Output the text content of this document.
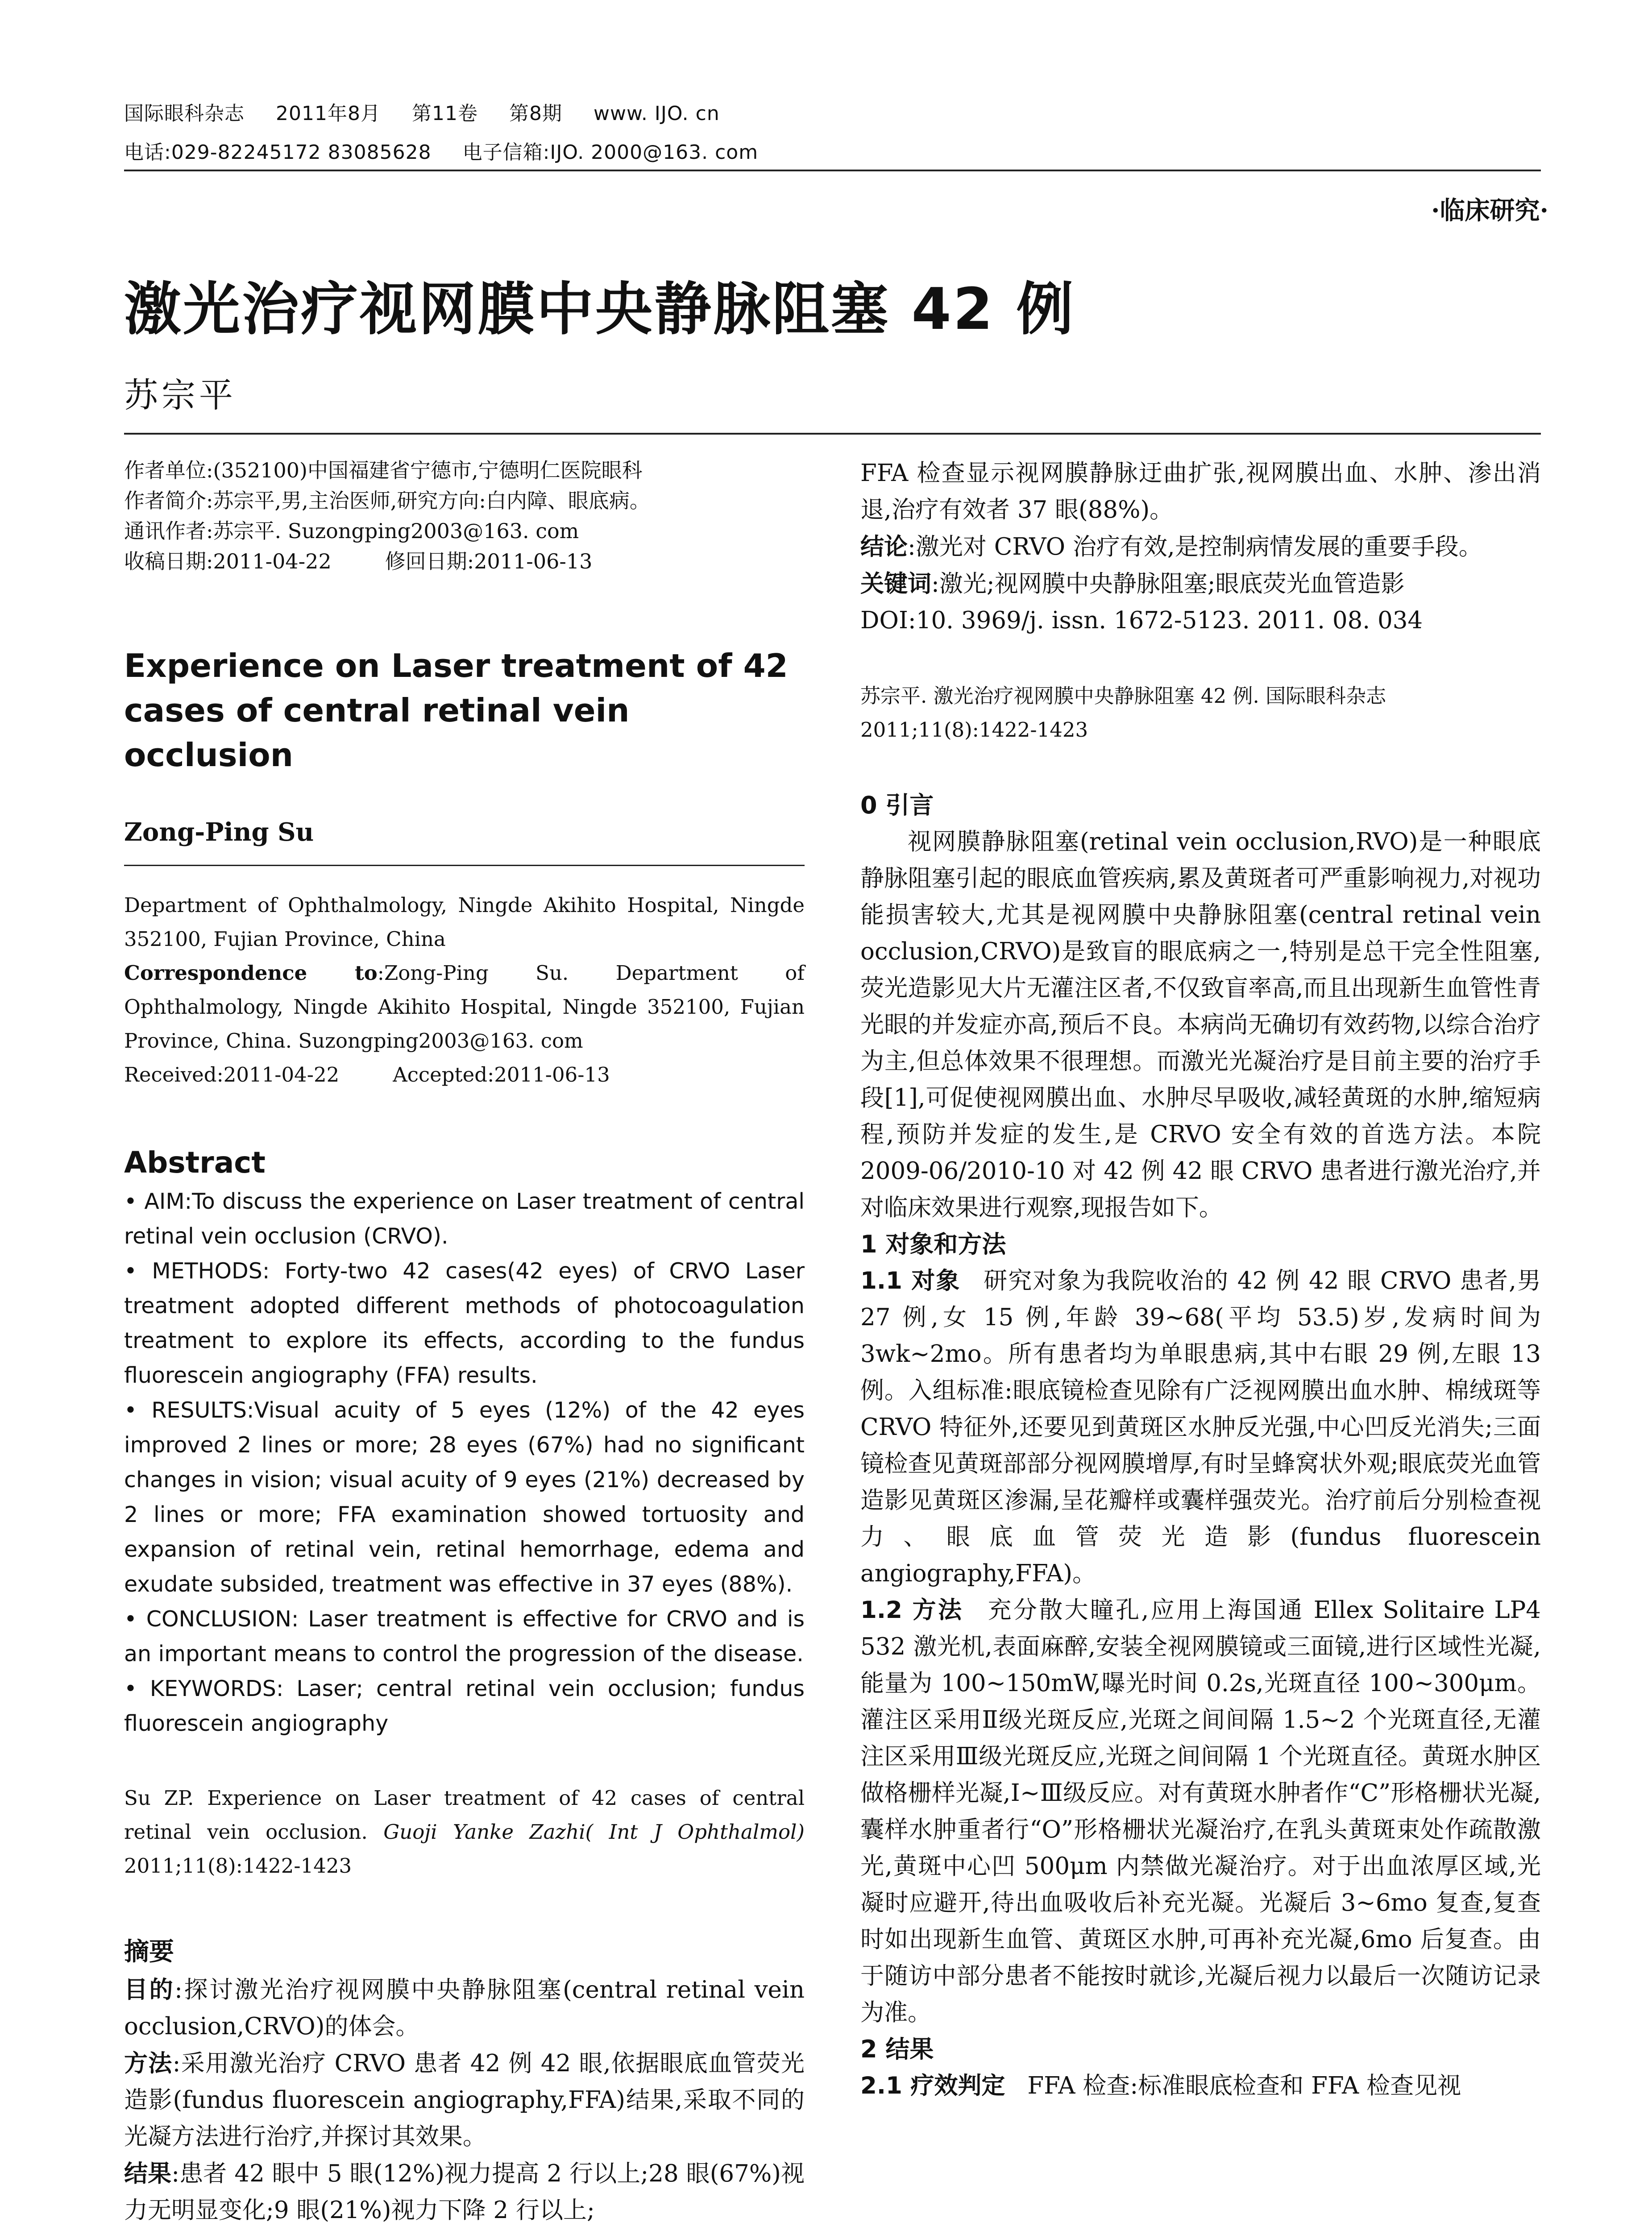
国际眼科杂志 2011年8月 第11卷 第8期 www. IJO. cn
电话:029-82245172 83085628 电子信箱:IJO. 2000@163. com
·临床研究·
激光治疗视网膜中央静脉阻塞 42 例
苏宗平

作者单位:(352100)中国福建省宁德市,宁德明仁医院眼科

作者简介:苏宗平,男,主治医师,研究方向:白内障、眼底病。

通讯作者:苏宗平. Suzongping2003@163. com

收稿日期:2011-04-22	修回日期:2011-06-13

Experience on Laser treatment of 42 cases of central retinal vein occlusion

Zong-Ping Su

Department of Ophthalmology, Ningde Akihito Hospital, Ningde 352100, Fujian Province, China

Correspondence to:Zong-Ping Su. Department of Ophthalmology, Ningde Akihito Hospital, Ningde 352100, Fujian Province, China. Suzongping2003@163. com

Received:2011-04-22	Accepted:2011-06-13

Abstract

• AIM:To discuss the experience on Laser treatment of central retinal vein occlusion (CRVO).

• METHODS: Forty-two 42 cases(42 eyes) of CRVO Laser treatment adopted different methods of photocoagulation treatment to explore its effects, according to the fundus fluorescein angiography (FFA) results.

• RESULTS:Visual acuity of 5 eyes (12%) of the 42 eyes improved 2 lines or more; 28 eyes (67%) had no significant changes in vision; visual acuity of 9 eyes (21%) decreased by 2 lines or more; FFA examination showed tortuosity and expansion of retinal vein, retinal hemorrhage, edema and exudate subsided, treatment was effective in 37 eyes (88%).

• CONCLUSION: Laser treatment is effective for CRVO and is an important means to control the progression of the disease.

• KEYWORDS: Laser; central retinal vein occlusion; fundus fluorescein angiography

Su ZP. Experience on Laser treatment of 42 cases of central retinal vein occlusion. Guoji Yanke Zazhi( Int J Ophthalmol) 2011;11(8):1422-1423

摘要

目的:探讨激光治疗视网膜中央静脉阻塞(central retinal vein occlusion,CRVO)的体会。

方法:采用激光治疗 CRVO 患者 42 例 42 眼,依据眼底血管荧光造影(fundus fluorescein angiography,FFA)结果,采取不同的光凝方法进行治疗,并探讨其效果。

结果:患者 42 眼中 5 眼(12%)视力提高 2 行以上;28 眼(67%)视力无明显变化;9 眼(21%)视力下降 2 行以上;

FFA 检查显示视网膜静脉迂曲扩张,视网膜出血、水肿、渗出消退,治疗有效者 37 眼(88%)。

结论:激光对 CRVO 治疗有效,是控制病情发展的重要手段。

关键词:激光;视网膜中央静脉阻塞;眼底荧光血管造影

DOI:10. 3969/j. issn. 1672-5123. 2011. 08. 034

苏宗平. 激光治疗视网膜中央静脉阻塞 42 例. 国际眼科杂志 2011;11(8):1422-1423

0 引言

视网膜静脉阻塞(retinal vein occlusion,RVO)是一种眼底静脉阻塞引起的眼底血管疾病,累及黄斑者可严重影响视力,对视功能损害较大,尤其是视网膜中央静脉阻塞(central retinal vein occlusion,CRVO)是致盲的眼底病之一,特别是总干完全性阻塞,荧光造影见大片无灌注区者,不仅致盲率高,而且出现新生血管性青光眼的并发症亦高,预后不良。本病尚无确切有效药物,以综合治疗为主,但总体效果不很理想。而激光光凝治疗是目前主要的治疗手段[1],可促使视网膜出血、水肿尽早吸收,减轻黄斑的水肿,缩短病程,预防并发症的发生,是 CRVO 安全有效的首选方法。本院 2009-06/2010-10 对 42 例 42 眼 CRVO 患者进行激光治疗,并对临床效果进行观察,现报告如下。

1 对象和方法

1.1 对象 研究对象为我院收治的 42 例 42 眼 CRVO 患者,男 27 例,女 15 例,年龄 39~68(平均 53.5)岁,发病时间为 3wk~2mo。所有患者均为单眼患病,其中右眼 29 例,左眼 13 例。入组标准:眼底镜检查见除有广泛视网膜出血水肿、棉绒斑等 CRVO 特征外,还要见到黄斑区水肿反光强,中心凹反光消失;三面镜检查见黄斑部部分视网膜增厚,有时呈蜂窝状外观;眼底荧光血管造影见黄斑区渗漏,呈花瓣样或囊样强荧光。治疗前后分别检查视力、眼底血管荧光造影(fundus fluorescein angiography,FFA)。

1.2 方法 充分散大瞳孔,应用上海国通 Ellex Solitaire LP4 532 激光机,表面麻醉,安装全视网膜镜或三面镜,进行区域性光凝,能量为 100~150mW,曝光时间 0.2s,光斑直径 100~300μm。灌注区采用Ⅱ级光斑反应,光斑之间间隔 1.5~2 个光斑直径,无灌注区采用Ⅲ级光斑反应,光斑之间间隔 1 个光斑直径。黄斑水肿区做格栅样光凝,Ⅰ~Ⅲ级反应。对有黄斑水肿者作“C”形格栅状光凝,囊样水肿重者行“O”形格栅状光凝治疗,在乳头黄斑束处作疏散激光,黄斑中心凹 500μm 内禁做光凝治疗。对于出血浓厚区域,光凝时应避开,待出血吸收后补充光凝。光凝后 3~6mo 复查,复查时如出现新生血管、黄斑区水肿,可再补充光凝,6mo 后复查。由于随访中部分患者不能按时就诊,光凝后视力以最后一次随访记录为准。

2 结果

2.1 疗效判定 FFA 检查:标准眼底检查和 FFA 检查见视
